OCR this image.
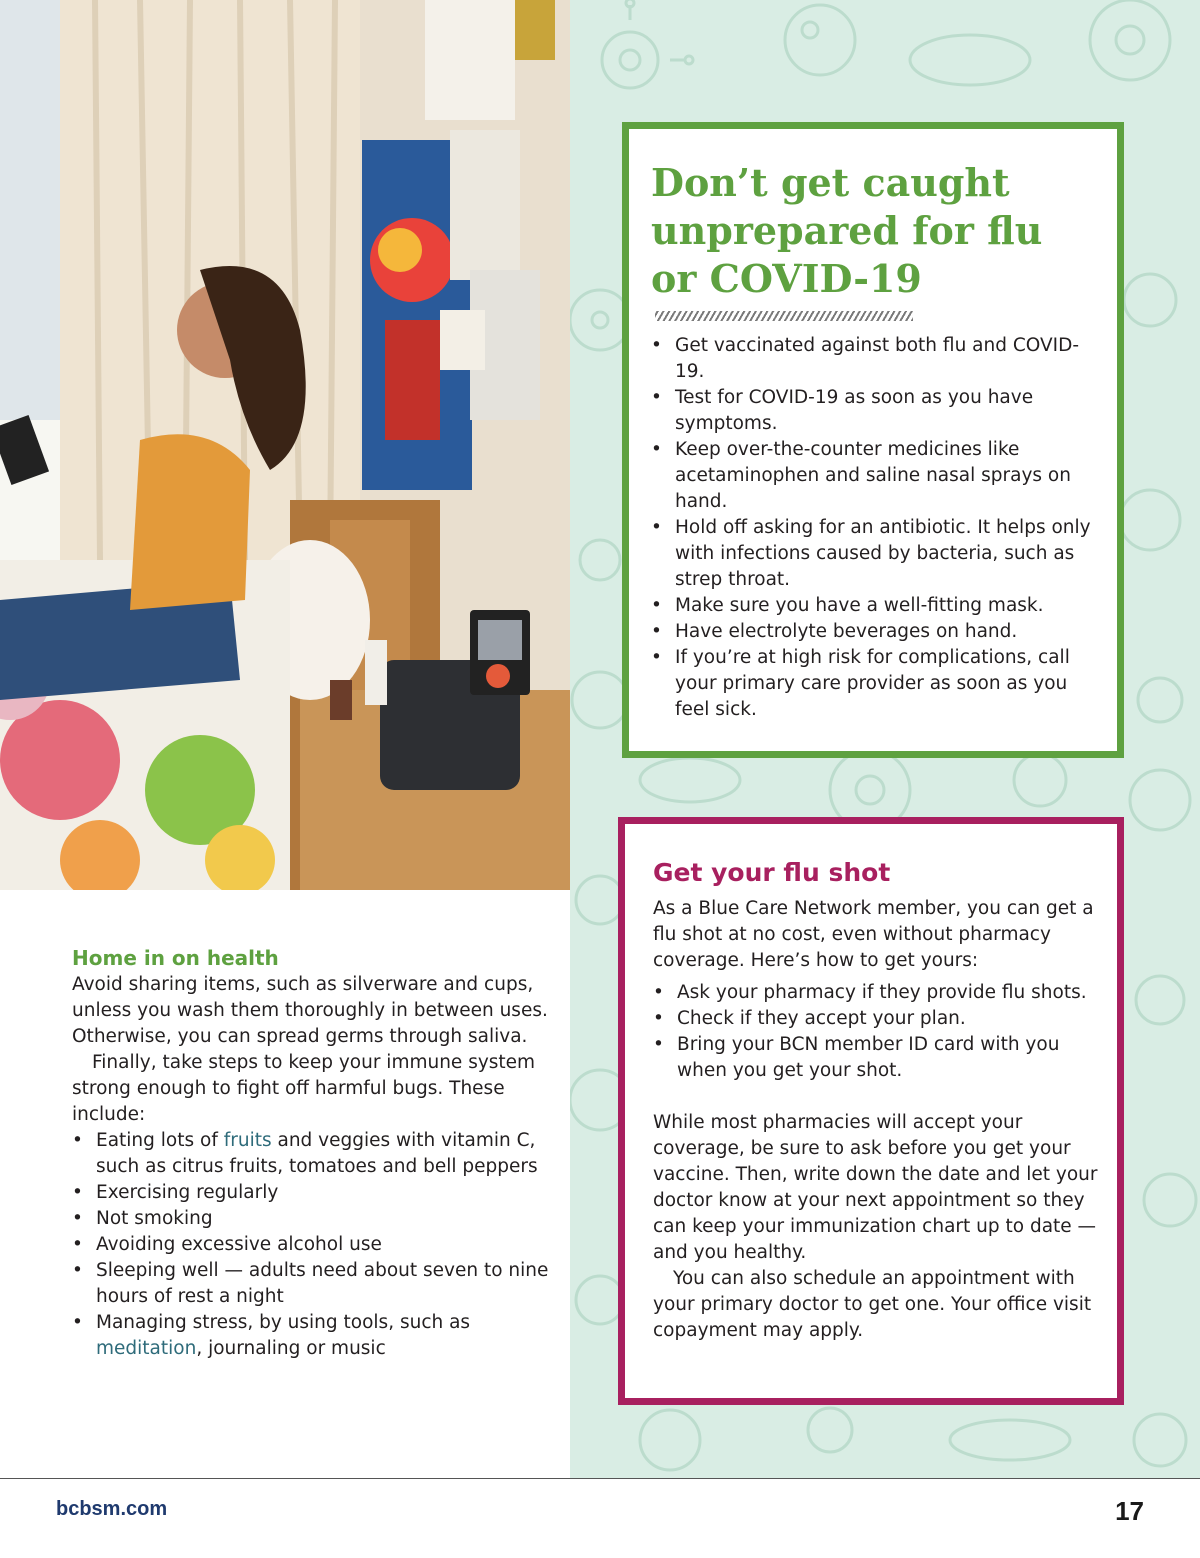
Don’t get caught unprepared for flu or COVID-19
• Get vaccinated against both flu and COVID-19.
• Test for COVID-19 as soon as you have symptoms.
• Keep over-the-counter medicines like acetaminophen and saline nasal sprays on hand.
• Hold off asking for an antibiotic. It helps only with infections caused by bacteria, such as strep throat.
• Make sure you have a well-fitting mask.
• Have electrolyte beverages on hand.
• If you’re at high risk for complications, call your primary care provider as soon as you feel sick.
Get your flu shot

As a Blue Care Network member, you can get a flu shot at no cost, even without pharmacy coverage. Here’s how to get yours:

• Ask your pharmacy if they provide flu shots.
• Check if they accept your plan.
• Bring your BCN member ID card with you when you get your shot.

While most pharmacies will accept your coverage, be sure to ask before you get your vaccine. Then, write down the date and let your doctor know at your next appointment so they can keep your immunization chart up to date — and you healthy.

You can also schedule an appointment with your primary doctor to get one. Your office visit copayment may apply.

Home in on health

Avoid sharing items, such as silverware and cups, unless you wash them thoroughly in between uses. Otherwise, you can spread germs through saliva.

Finally, take steps to keep your immune system strong enough to fight off harmful bugs. These include:

• Eating lots of fruits and veggies with vitamin C, such as citrus fruits, tomatoes and bell peppers
• Exercising regularly
• Not smoking
• Avoiding excessive alcohol use
• Sleeping well — adults need about seven to nine hours of rest a night
• Managing stress, by using tools, such as meditation, journaling or music
bcbsm.com	17
